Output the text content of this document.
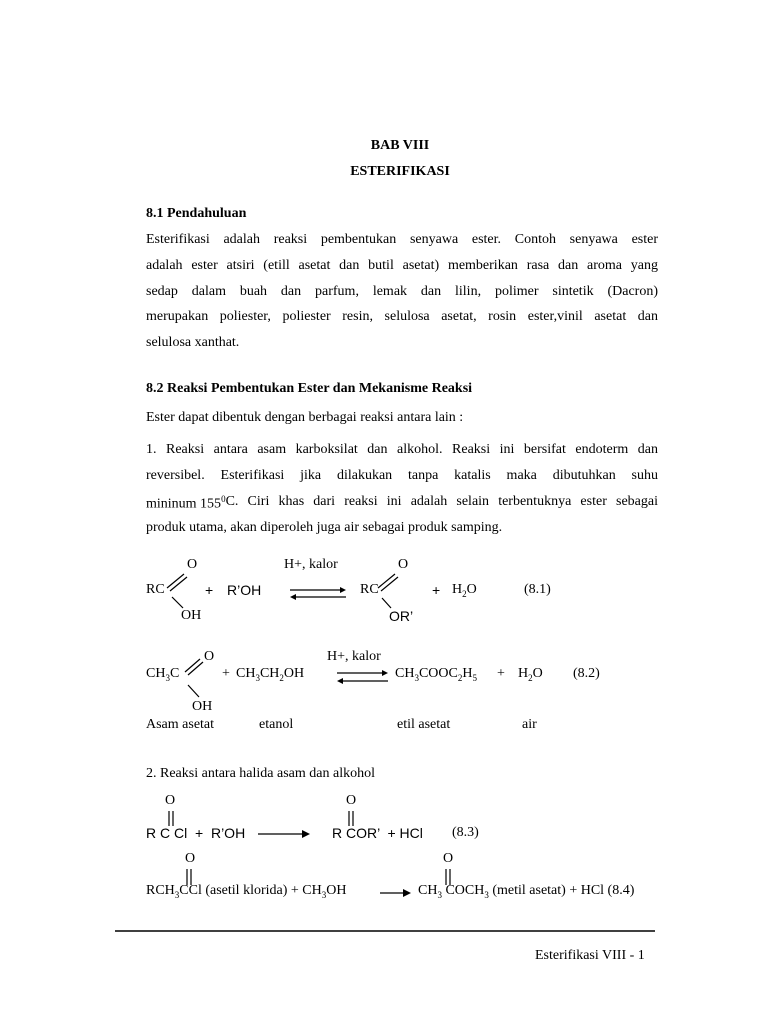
BAB VIII
ESTERIFIKASI
8.1 Pendahuluan
Esterifikasi adalah reaksi pembentukan senyawa ester. Contoh senyawa ester
adalah ester atsiri (etill asetat dan butil asetat) memberikan rasa dan aroma yang
sedap dalam buah dan parfum, lemak dan lilin, polimer sintetik (Dacron)
merupakan poliester, poliester resin, selulosa asetat, rosin ester,vinil asetat dan
selulosa xanthat.
8.2 Reaksi Pembentukan Ester dan Mekanisme Reaksi
Ester dapat dibentuk dengan berbagai reaksi antara lain :
1. Reaksi antara asam karboksilat dan alkohol. Reaksi ini bersifat endoterm dan
reversibel. Esterifikasi jika dilakukan tanpa katalis maka dibutuhkan suhu
mininum $155^0$ C. Ciri khas dari reaksi ini adalah selain terbentuknya ester sebagai
produk utama, akan diperoleh juga air sebagai produk samping.
O	H+, kalor	O
RC	+ R’OH	RC	+ $H_2O$	(8.1)
OH	OR’
O	H+, kalor
$CH_3C$	+ $CH_3CH_2OH$	$CH_3COOC_2H_5 + H_2O$ (8.2)
OH
Asam asetat	etanol	etil asetat	air
2. Reaksi antara halida asam dan alkohol
O	O
R C Cl  +  R’OH	R COR’  + HCl (8.3)
O	O
$RCH_3CCl$ (asetil klorida) + $CH_3OH$	$CH_3$ $COCH_3$ (metil asetat) + HCl (8.4)
Esterifikasi VIII - 1
